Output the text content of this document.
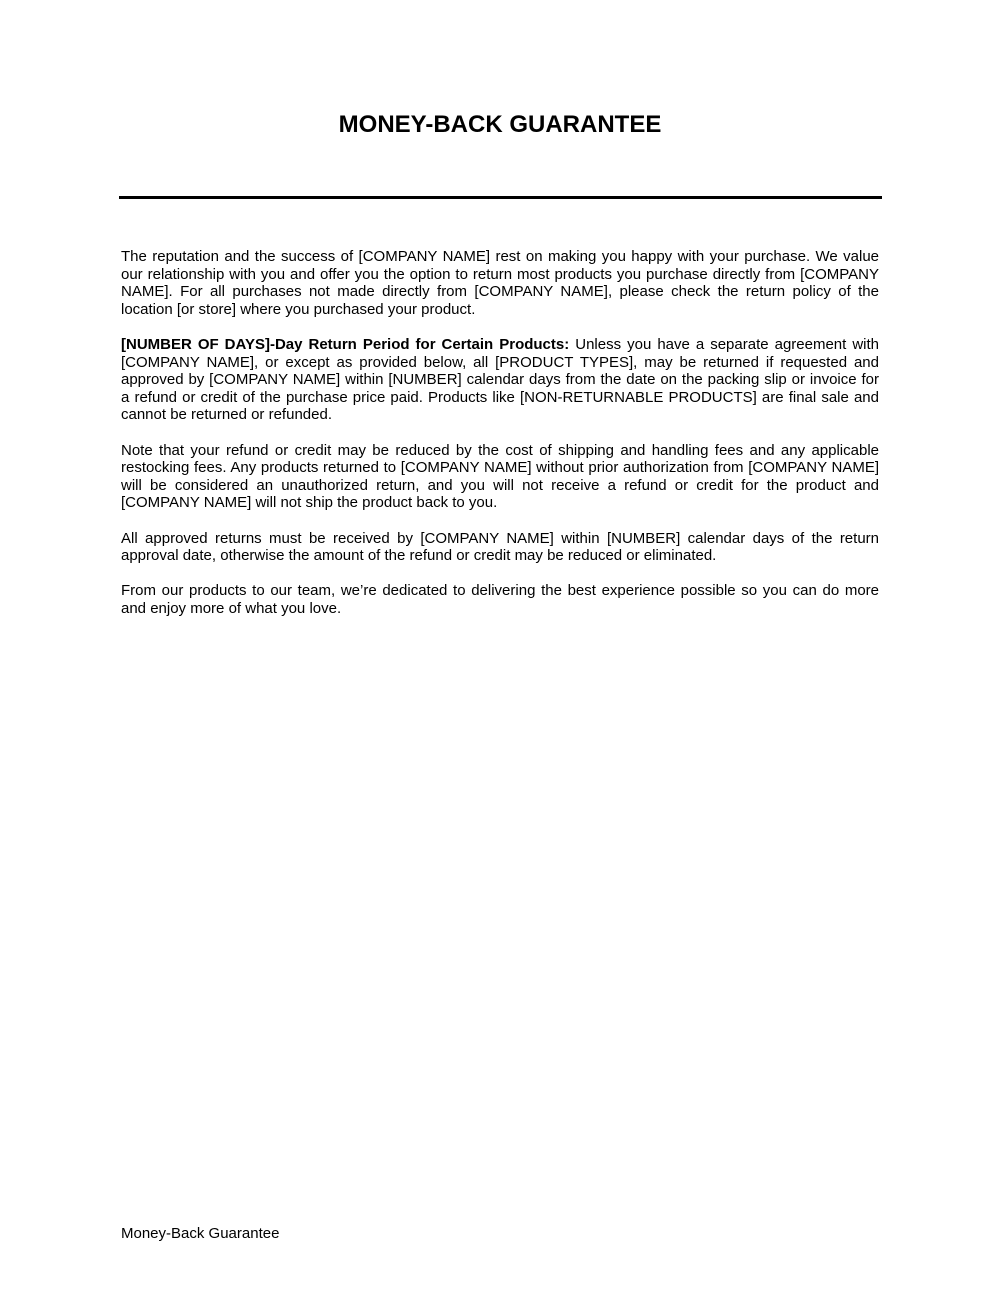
MONEY-BACK GUARANTEE

The reputation and the success of [COMPANY NAME] rest on making you happy with your purchase. We value our relationship with you and offer you the option to return most products you purchase directly from [COMPANY NAME]. For all purchases not made directly from [COMPANY NAME], please check the return policy of the location [or store] where you purchased your product.

[NUMBER OF DAYS]-Day Return Period for Certain Products: Unless you have a separate agreement with [COMPANY NAME], or except as provided below, all [PRODUCT TYPES], may be returned if requested and approved by [COMPANY NAME] within [NUMBER] calendar days from the date on the packing slip or invoice for a refund or credit of the purchase price paid. Products like [NON-RETURNABLE PRODUCTS] are final sale and cannot be returned or refunded.

Note that your refund or credit may be reduced by the cost of shipping and handling fees and any applicable restocking fees. Any products returned to [COMPANY NAME] without prior authorization from [COMPANY NAME] will be considered an unauthorized return, and you will not receive a refund or credit for the product and [COMPANY NAME] will not ship the product back to you.

All approved returns must be received by [COMPANY NAME] within [NUMBER] calendar days of the return approval date, otherwise the amount of the refund or credit may be reduced or eliminated.

From our products to our team, we’re dedicated to delivering the best experience possible so you can do more and enjoy more of what you love.

Money-Back Guarantee
